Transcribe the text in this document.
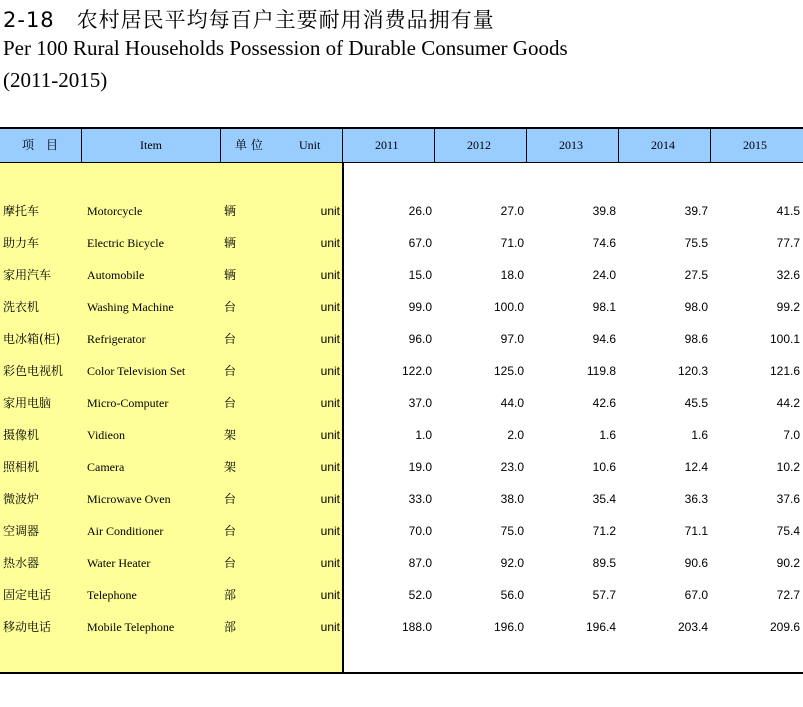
2-18　农村居民平均每百户主要耐用消费品拥有量
Per 100 Rural Households Possession of Durable Consumer Goods
(2011-2015)
项　目	Item	单 位	Unit	2011	2012	2013	2014	2015
摩托车	Motorcycle	辆	unit	26.0	27.0	39.8	39.7	41.5
助力车	Electric Bicycle	辆	unit	67.0	71.0	74.6	75.5	77.7
家用汽车	Automobile	辆	unit	15.0	18.0	24.0	27.5	32.6
洗衣机	Washing Machine	台	unit	99.0	100.0	98.1	98.0	99.2
电冰箱(柜) Refrigerator	台	unit	96.0	97.0	94.6	98.6	100.1
彩色电视机 Color Television Set	台	unit	122.0	125.0	119.8	120.3	121.6
家用电脑	Micro-Computer	台	unit	37.0	44.0	42.6	45.5	44.2
摄像机	Vidieon	架	unit	1.0	2.0	1.6	1.6	7.0
照相机	Camera	架	unit	19.0	23.0	10.6	12.4	10.2
微波炉	Microwave Oven	台	unit	33.0	38.0	35.4	36.3	37.6
空调器	Air Conditioner	台	unit	70.0	75.0	71.2	71.1	75.4
热水器	Water Heater	台	unit	87.0	92.0	89.5	90.6	90.2
固定电话	Telephone	部	unit	52.0	56.0	57.7	67.0	72.7
移动电话	Mobile Telephone	部	unit	188.0	196.0	196.4	203.4	209.6
